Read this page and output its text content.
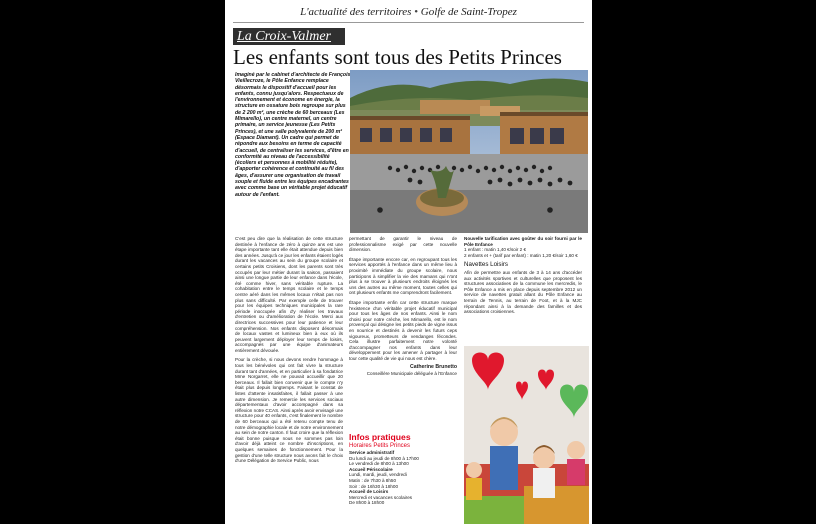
L'actualité des territoires • Golfe de Saint-Tropez
La Croix-Valmer
Les enfants sont tous des Petits Princes
Imaginé par le cabinet d'architecte de François Vieillecroze, le Pôle Enfance remplace désormais le dispositif d'accueil pour les enfants, connu jusqu'alors. Respectueux de l'environnement et économe en énergie, la structure en ossature bois regroupe sur plus de 2 200 m², une crèche de 60 berceaux (Les Mimarello), un centre maternel, un centre primaire, un service jeunesse (Les Petits Princes), et une salle polyvalente de 200 m² (Espace Diamant). Un cadre qui permet de répondre aux besoins en terme de capacité d'accueil, de centraliser les services, d'être en conformité au niveau de l'accessibilité (écoliers et personnes à mobilité réduite), d'apporter cohérence et continuité au fil des âges, d'assurer une organisation de travail souple et fluide entre les équipes encadrantes avec comme base un véritable projet éducatif autour de l'enfant.

C'est peu dire que la réalisation de cette structure destinée à l'enfance de zéro à quinze ans est une étape importante tant elle était attendue depuis bien des années. Jusqu'à ce jour les enfants étaient logés durant les vacances au sein du groupe scolaire et certains petits Croisiens, dont les parents sont très occupés par leur métier durant la saison, passaient ainsi une longue partie de leur enfance dans l'école, été comme hiver, sans véritable rupture. La cohabitation entre le temps scolaire et le temps centre aéré dans les mêmes locaux n'était pas non plus sans difficulté. Par exemple celle de trouver pour les équipes techniques municipales la rare période inoccupée afin d'y réaliser les travaux d'entretien ou d'amélioration de l'école. Merci aux directrices successives pour leur patience et leur compréhension. Nos enfants disposent désormais de locaux vastes et lumineux bien à eux où ils peuvent largement déployer leur temps de loisirs, accompagnés par une équipe d'animateurs entièrement dévouée.

Pour la crèche, si nous devons rendre hommage à tous les bénévoles qui ont fait vivre la structure durant tant d'années, et en particulier à sa fondatrice Mme Norgarret, elle ne pouvait accueillir que 20 berceaux. Il fallait bien convenir que le compte n'y était plus depuis longtemps. Faisant le constat de listes d'attente insatisfaites, il fallait passer à une autre dimension. Je remercie les services sociaux départementaux d'avoir accompagné dans sa réflexion notre CCAS. Ainsi après avoir envisagé une structure pour 40 enfants, c'est finalement le nombre de 60 berceaux qui a été retenu compte tenu de notre démographie locale et de notre environnement au sein de notre canton. Il faut croire que la réflexion était bonne puisque nous ne sommes pas loin d'avoir déjà atteint ce nombre d'inscriptions, en quelques semaines de fonctionnement. Pour la gestion d'une telle structure nous avons fait le choix d'une Délégation de Service Public, nous

permettant de garantir le niveau de professionnalisme exigé par cette nouvelle dimension.

Étape importante encore car, en regroupant tous les services apportés à l'enfance dans un même lieu à proximité immédiate du groupe scolaire, nous participons à simplifier la vie des mamans qui n'ont plus à se trouver à plusieurs endroits éloignés les uns des autres au même moment, toutes celles qui ont plusieurs enfants me comprendront facilement.

Étape importante enfin car cette structure marque l'existence d'un véritable projet éducatif municipal pour tous les âges de nos enfants. Ainsi le nom choisi pour notre crèche, les Mimarello, est le nom provençal qui désigne les petits pieds de vigne issus en nourrice et destinés à devenir les futurs ceps vigoureux, prometteurs de vendanges fécondes. Cela illustre parfaitement notre volonté d'accompagner nos enfants dans leur développement pour les amener à partager à leur tour cette qualité de vie qui nous est chère.

Catherine Brunetto
Conseillère Municipale déléguée à l'Enfance
Infos pratiques
Horaires Petits Princes
Service administratif
Du lundi au jeudi de 8h00 à 17h00
Le vendredi de 8h00 à 13h00
Accueil Périscolaire
Lundi, mardi, jeudi, vendredi
Matin : de 7h30 à 8h50
Soir : de 16h30 à 18h00
Accueil de Loisirs
Mercredi et vacances scolaires
De 8h00 à 18h00
Nouvelle tarification avec goûter du soir fourni par le Pôle Enfance
1 enfant : matin 1,40 €/soir 2 €
2 enfants et + (tarif par enfant) : matin 1,20 €/soir 1,60 €
Navettes Loisirs
Afin de permettre aux enfants de 3 à 14 ans d'accéder aux activités sportives et culturelles que proposent les structures associatives de la commune les mercredis, le Pôle Enfance a mis en place depuis septembre 2012 un service de navettes gratuit allant du Pôle Enfance au terrain de Tennis, au terrain de Foot, et à la MJC répondant ainsi à la demande des familles et des associations croisiennes.
